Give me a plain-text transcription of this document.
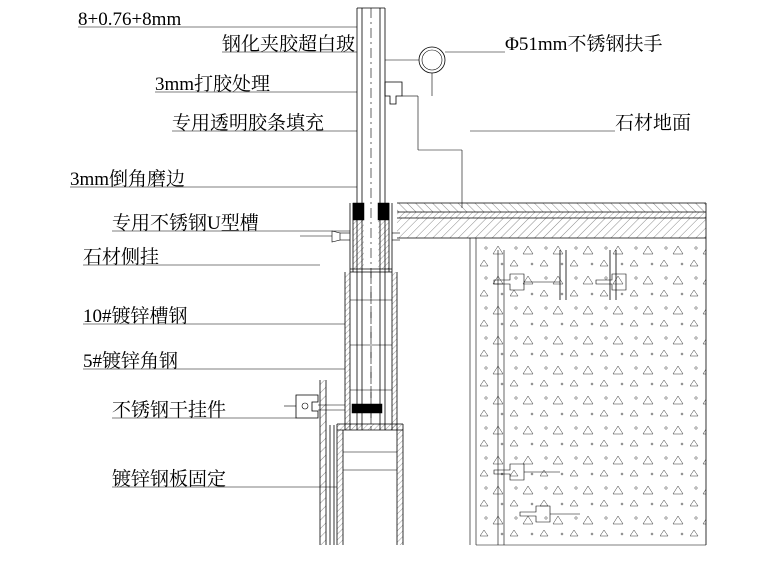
8+0.76+8mm
钢化夹胶超白玻	Φ51mm不锈钢扶手
3mm打胶处理
专用透明胶条填充	石材地面
3mm倒角磨边
专用不锈钢U型槽
石材侧挂
10#镀锌槽钢
5#镀锌角钢
不锈钢干挂件
镀锌钢板固定
